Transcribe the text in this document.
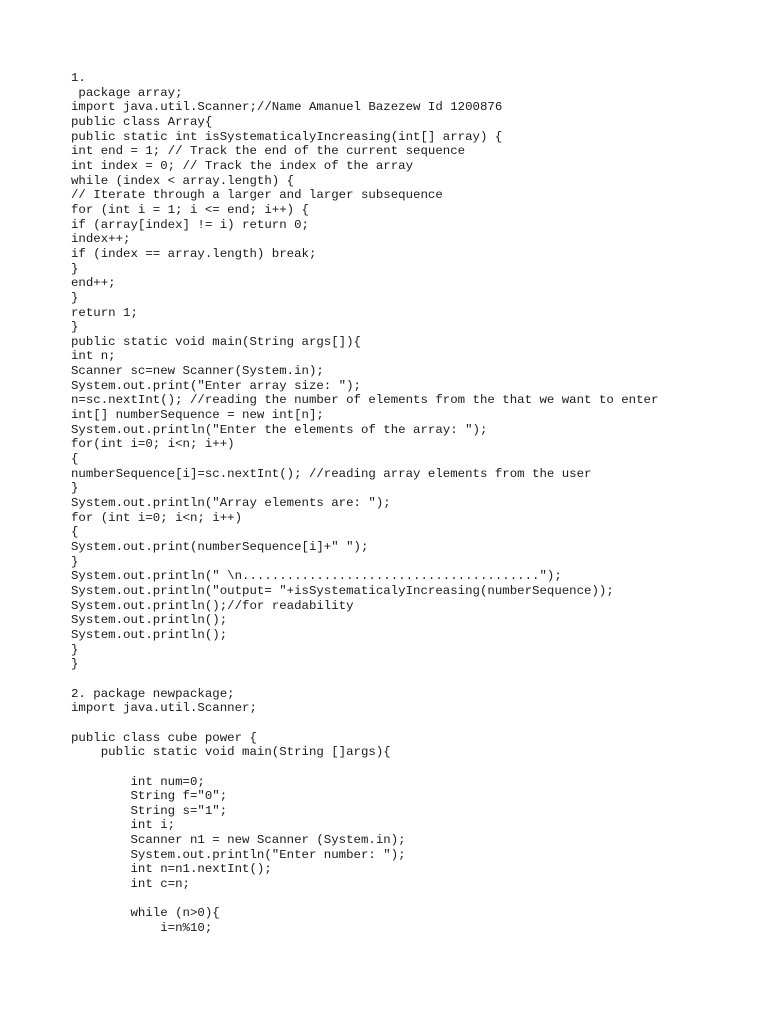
1.
package array;
import java.util.Scanner;//Name Amanuel Bazezew Id 1200876
public class Array{
public static int isSystematicalyIncreasing(int[] array) {
int end = 1; // Track the end of the current sequence
int index = 0; // Track the index of the array
while (index < array.length) {
// Iterate through a larger and larger subsequence
for (int i = 1; i <= end; i++) {
if (array[index] != i) return 0;
index++;
if (index == array.length) break;
}
end++;
}
return 1;
}
public static void main(String args[]){
int n;
Scanner sc=new Scanner(System.in);
System.out.print("Enter array size: ");
n=sc.nextInt(); //reading the number of elements from the that we want to enter
int[] numberSequence = new int[n];
System.out.println("Enter the elements of the array: ");
for(int i=0; i<n; i++)
{
numberSequence[i]=sc.nextInt(); //reading array elements from the user
}
System.out.println("Array elements are: ");
for (int i=0; i<n; i++)
{
System.out.print(numberSequence[i]+" ");
}
System.out.println(" \n........................................");
System.out.println("output= "+isSystematicalyIncreasing(numberSequence));
System.out.println();//for readability
System.out.println();
System.out.println();
}
}
2. package newpackage;
import java.util.Scanner;
public class cube power {
public static void main(String []args){
int num=0;
String f="0";
String s="1";
int i;
Scanner n1 = new Scanner (System.in);
System.out.println("Enter number: ");
int n=n1.nextInt();
int c=n;
while (n>0){
i=n%10;
